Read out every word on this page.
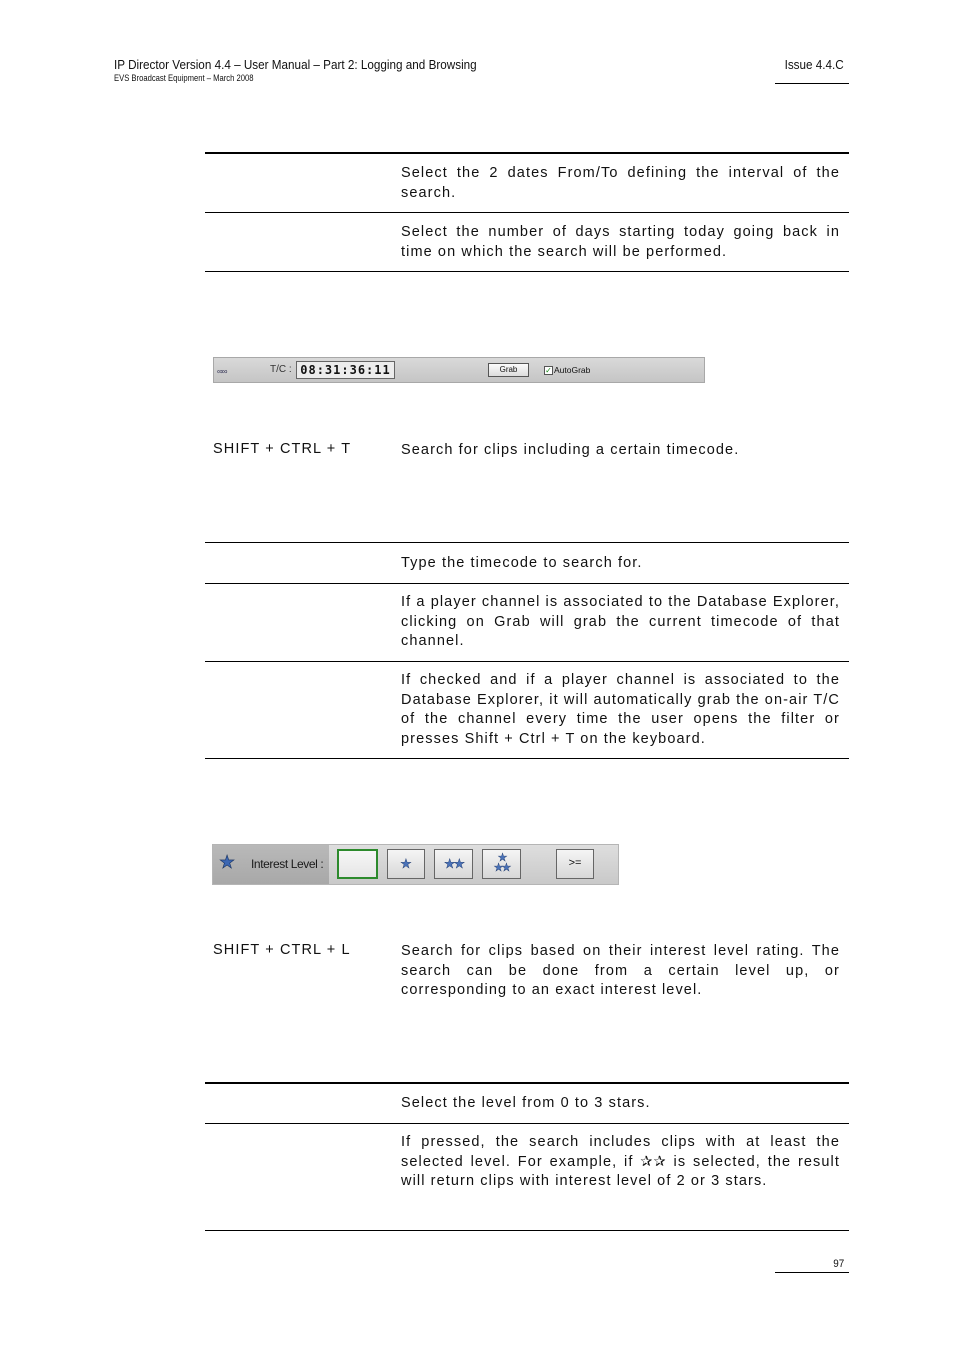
IP Director Version 4.4 – User Manual – Part 2: Logging and Browsing
EVS Broadcast Equipment – March 2008
Issue 4.4.C
Select the 2 dates From/To defining the interval of the search.
Select the number of days starting today going back in time on which the search will be performed.
∞∞	T/C : 08:31:36:11	Grab	✓ AutoGrab
SHIFT + CTRL + T	Search for clips including a certain timecode.
Type the timecode to search for.
If a player channel is associated to the Database Explorer, clicking on Grab will grab the current timecode of that channel.
If checked and if a player channel is associated to the Database Explorer, it will automatically grab the on-air T/C of the channel every time the user opens the filter or presses Shift + Ctrl + T on the keyboard.
★ Interest Level :	★	★★	★
★★	>=
SHIFT + CTRL + L	Search for clips based on their interest level rating. The search can be done from a certain level up, or corresponding to an exact interest level.
Select the level from 0 to 3 stars.
If pressed, the search includes clips with at least the selected level. For example, if ✰✰ is selected, the result will return clips with interest level of 2 or 3 stars.
97
